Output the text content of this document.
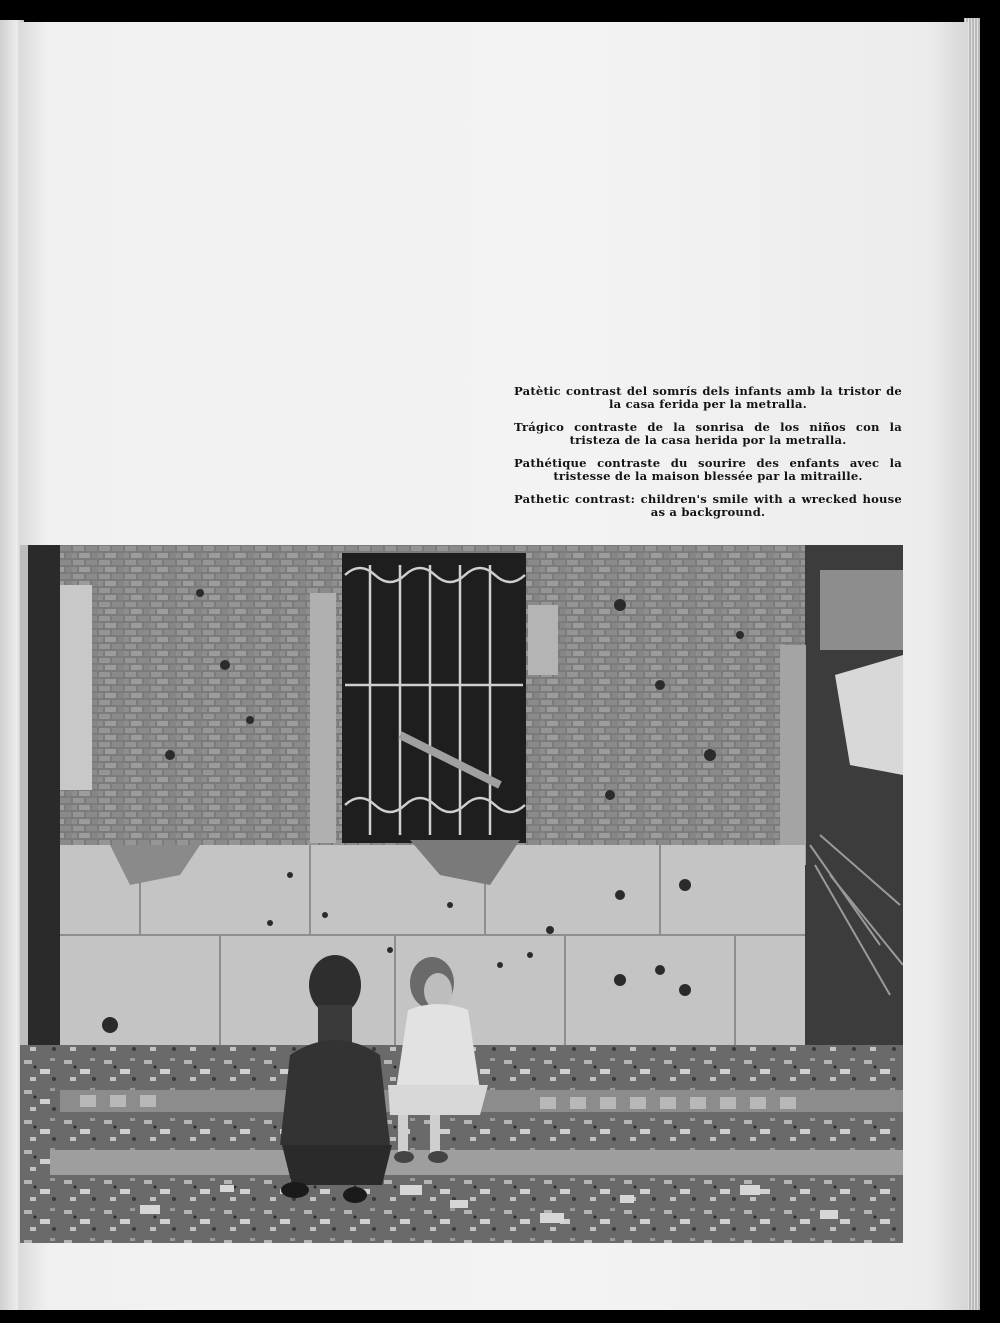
Patètic contrast del somrís dels infants amb la tristor de la casa ferida per la metralla.

Trágico contraste de la sonrisa de los niños con la tristeza de la casa herida por la metralla.

Pathétique contraste du sourire des enfants avec la tristesse de la maison blessée par la mitraille.

Pathetic contrast: children's smile with a wrecked house as a background.
